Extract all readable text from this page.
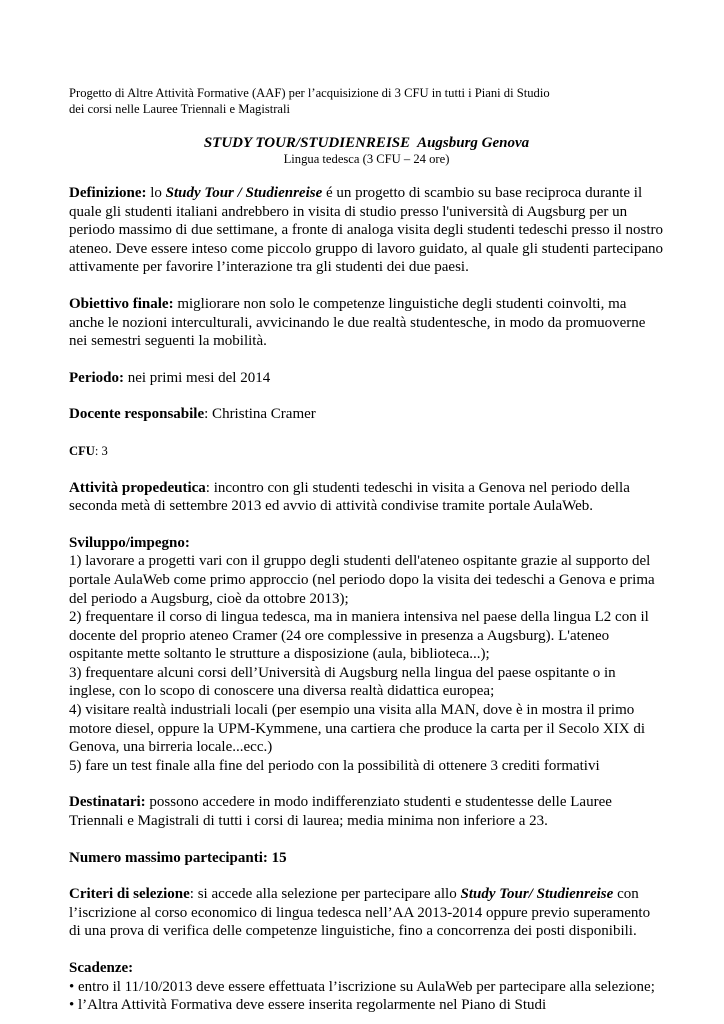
Progetto di Altre Attività Formative (AAF) per l’acquisizione di 3 CFU in tutti i Piani di Studio
dei corsi nelle Lauree Triennali e Magistrali
STUDY TOUR/STUDIENREISE  Augsburg Genova
Lingua tedesca (3 CFU – 24 ore)

Definizione: lo Study Tour / Studienreise é un progetto di scambio su base reciproca durante il quale gli studenti italiani andrebbero in visita di studio presso l'università di Augsburg per un periodo massimo di due settimane, a fronte di analoga visita degli studenti tedeschi presso il nostro ateneo. Deve essere inteso come piccolo gruppo di lavoro guidato, al quale gli studenti partecipano attivamente per favorire l’interazione tra gli studenti dei due paesi.

Obiettivo finale: migliorare non solo le competenze linguistiche degli studenti coinvolti, ma anche le nozioni interculturali, avvicinando le due realtà studentesche, in modo da promuoverne nei semestri seguenti la mobilità.

Periodo: nei primi mesi del 2014

Docente responsabile: Christina Cramer

CFU: 3

Attività propedeutica: incontro con gli studenti tedeschi in visita a Genova nel periodo della seconda metà di settembre 2013 ed avvio di attività condivise tramite portale AulaWeb.

Sviluppo/impegno:

1) lavorare a progetti vari con il gruppo degli studenti dell'ateneo ospitante grazie al supporto del portale AulaWeb come primo approccio (nel periodo dopo la visita dei tedeschi a Genova e prima del periodo a Augsburg, cioè da ottobre 2013);

2) frequentare il corso di lingua tedesca, ma in maniera intensiva nel paese della lingua L2 con il docente del proprio ateneo Cramer (24 ore complessive in presenza a Augsburg). L'ateneo ospitante mette soltanto le strutture a disposizione (aula, biblioteca...);

3) frequentare alcuni corsi dell’Università di Augsburg nella lingua del paese ospitante o in inglese, con lo scopo di conoscere una diversa realtà didattica europea;

4) visitare realtà industriali locali (per esempio una visita alla MAN, dove è in mostra il primo motore diesel, oppure la UPM-Kymmene, una cartiera che produce la carta per il Secolo XIX di Genova, una birreria locale...ecc.)

5) fare un test finale alla fine del periodo con la possibilità di ottenere 3 crediti formativi

Destinatari: possono accedere in modo indifferenziato studenti e studentesse delle Lauree Triennali e Magistrali di tutti i corsi di laurea; media minima non inferiore a 23.

Numero massimo partecipanti: 15

Criteri di selezione: si accede alla selezione per partecipare allo Study Tour/ Studienreise con l’iscrizione al corso economico di lingua tedesca nell’AA 2013-2014 oppure previo superamento di una prova di verifica delle competenze linguistiche, fino a concorrenza dei posti disponibili.

Scadenze:

• entro il 11/10/2013 deve essere effettuata l’iscrizione su AulaWeb per partecipare alla selezione;

• l’Altra Attività Formativa deve essere inserita regolarmente nel Piano di Studi
